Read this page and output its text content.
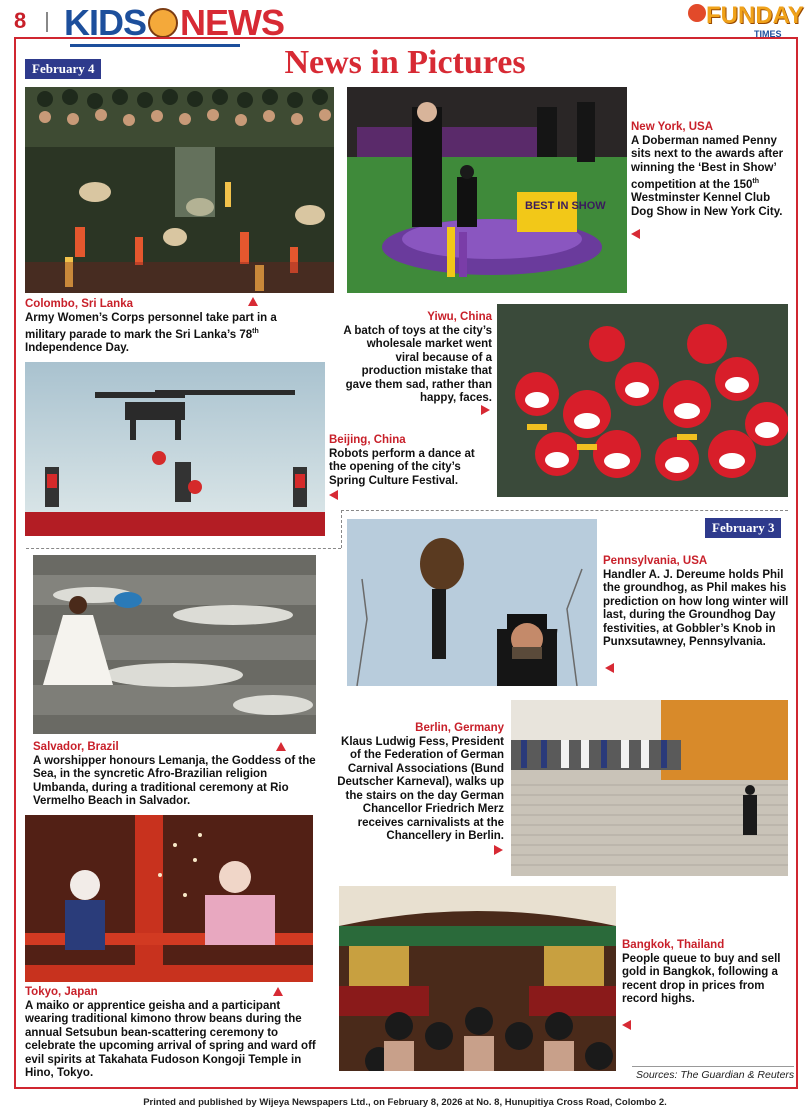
8 KIDS NEWS	FUNDAY
TIMES
February 4	News in Pictures
Colombo, Sri Lanka
Army Women’s Corps personnel take part in a military parade to mark the Sri Lanka’s 78th Independence Day.
BEST IN SHOW
New York, USA
A Doberman named Penny sits next to the awards after winning the ‘Best in Show’ competition at the 150th Westminster Kennel Club Dog Show in New York City.
Yiwu, China
A batch of toys at the city’s wholesale market went viral because of a production mistake that gave them sad, rather than happy, faces.
Beijing, China
Robots perform a dance at the opening of the city’s Spring Culture Festival.
February 3
Pennsylvania, USA
Handler A. J. Dereume holds Phil the groundhog, as Phil makes his prediction on how long winter will last, during the Groundhog Day festivities, at Gobbler’s Knob in Punxsutawney, Pennsylvania.
Salvador, Brazil
A worshipper honours Lemanja, the Goddess of the Sea, in the syncretic Afro-Brazilian religion Umbanda, during a traditional ceremony at Rio Vermelho Beach in Salvador.
Berlin, Germany
Klaus Ludwig Fess, President of the Federation of German Carnival Associations (Bund Deutscher Karneval), walks up the stairs on the day German Chancellor Friedrich Merz receives carnivalists at the Chancellery in Berlin.
Tokyo, Japan
A maiko or apprentice geisha and a participant wearing traditional kimono throw beans during the annual Setsubun bean-scattering ceremony to celebrate the upcoming arrival of spring and ward off evil spirits at Takahata Fudoson Kongoji Temple in Hino, Tokyo.
Bangkok, Thailand
People queue to buy and sell gold in Bangkok, following a recent drop in prices from record highs.
Sources: The Guardian & Reuters
Printed and published by Wijeya Newspapers Ltd., on February 8, 2026 at No. 8, Hunupitiya Cross Road, Colombo 2.
